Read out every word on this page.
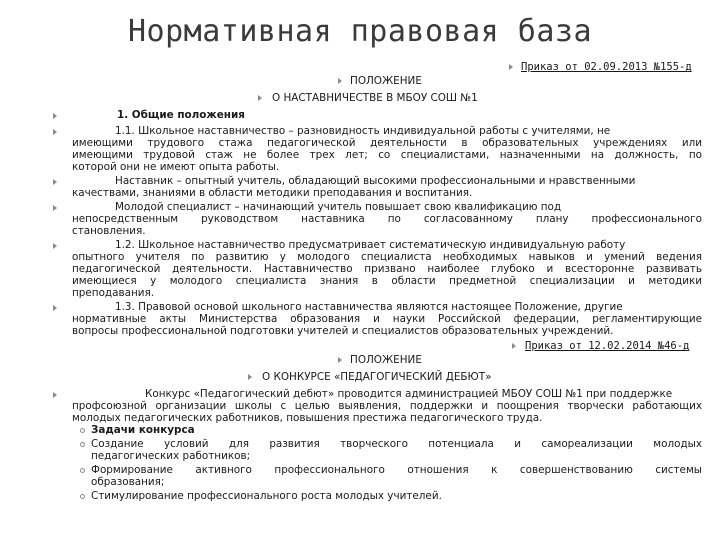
Нормативная правовая база
Приказ от 02.09.2013 №155-д
ПОЛОЖЕНИЕ
О НАСТАВНИЧЕСТВЕ В МБОУ СОШ №1
1. Общие положения
1.1. Школьное наставничество – разновидность индивидуальной работы с учителями, не
имеющими трудового стажа педагогической деятельности в образовательных учреждениях или
имеющими трудовой стаж не более трех лет; со специалистами, назначенными на должность, по
которой они не имеют опыта работы.
Наставник – опытный учитель, обладающий высокими профессиональными и нравственными
качествами, знаниями в области методики преподавания и воспитания.
Молодой специалист – начинающий учитель повышает свою квалификацию под
непосредственным руководством наставника по согласованному плану профессионального
становления.
1.2. Школьное наставничество предусматривает систематическую индивидуальную работу
опытного учителя по развитию у молодого специалиста необходимых навыков и умений ведения
педагогической деятельности. Наставничество призвано наиболее глубоко и всесторонне развивать
имеющиеся у молодого специалиста знания в области предметной специализации и методики
преподавания.
1.3. Правовой основой школьного наставничества являются настоящее Положение, другие
нормативные акты Министерства образования и науки Российской федерации, регламентирующие
вопросы профессиональной подготовки учителей и специалистов образовательных учреждений.
Приказ от 12.02.2014 №46-д
ПОЛОЖЕНИЕ
О КОНКУРСЕ «ПЕДАГОГИЧЕСКИЙ ДЕБЮТ»
Конкурс «Педагогический дебют» проводится администрацией МБОУ СОШ №1 при поддержке
профсоюзной организации школы с целью выявления, поддержки и поощрения творчески работающих
молодых педагогических работников, повышения престижа педагогического труда.
Задачи конкурса
Создание условий для развития творческого потенциала и самореализации молодых
педагогических работников;
Формирование активного профессионального отношения к совершенствованию системы
образования;
Стимулирование профессионального роста молодых учителей.
